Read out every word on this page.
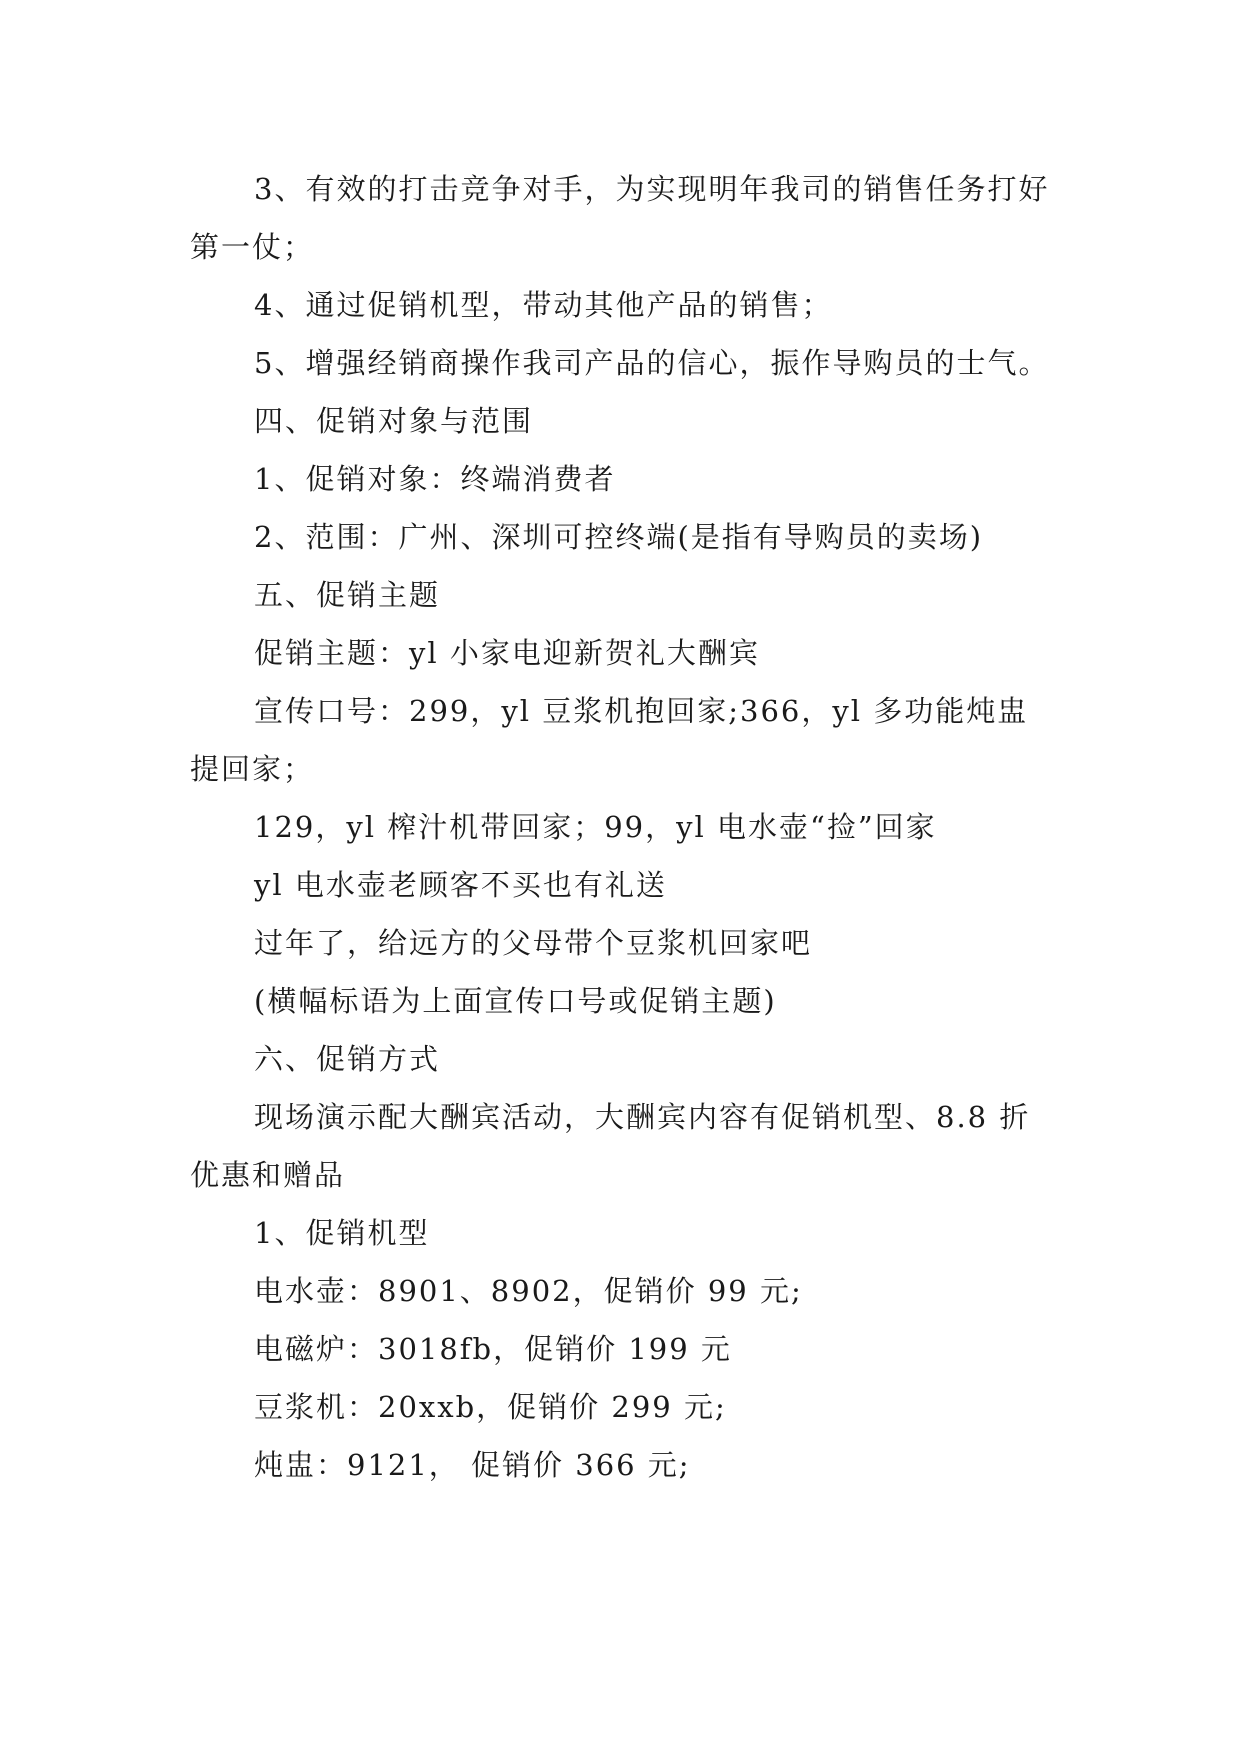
3、有效的打击竞争对手，为实现明年我司的销售任务打好第一仗；

4、通过促销机型，带动其他产品的销售；

5、增强经销商操作我司产品的信心，振作导购员的士气。

四、促销对象与范围

1、促销对象：终端消费者

2、范围：广州、深圳可控终端(是指有导购员的卖场)

五、促销主题

促销主题：yl 小家电迎新贺礼大酬宾

宣传口号：299，yl 豆浆机抱回家;366，yl 多功能炖盅提回家；

129，yl 榨汁机带回家；99，yl 电水壶“捡”回家

yl 电水壶老顾客不买也有礼送

过年了，给远方的父母带个豆浆机回家吧

(横幅标语为上面宣传口号或促销主题)

六、促销方式

现场演示配大酬宾活动，大酬宾内容有促销机型、8.8 折优惠和赠品

1、促销机型

电水壶：8901、8902，促销价 99 元;

电磁炉：3018fb，促销价 199 元

豆浆机：20xxb，促销价 299 元;

炖盅：9121， 促销价 366 元;
